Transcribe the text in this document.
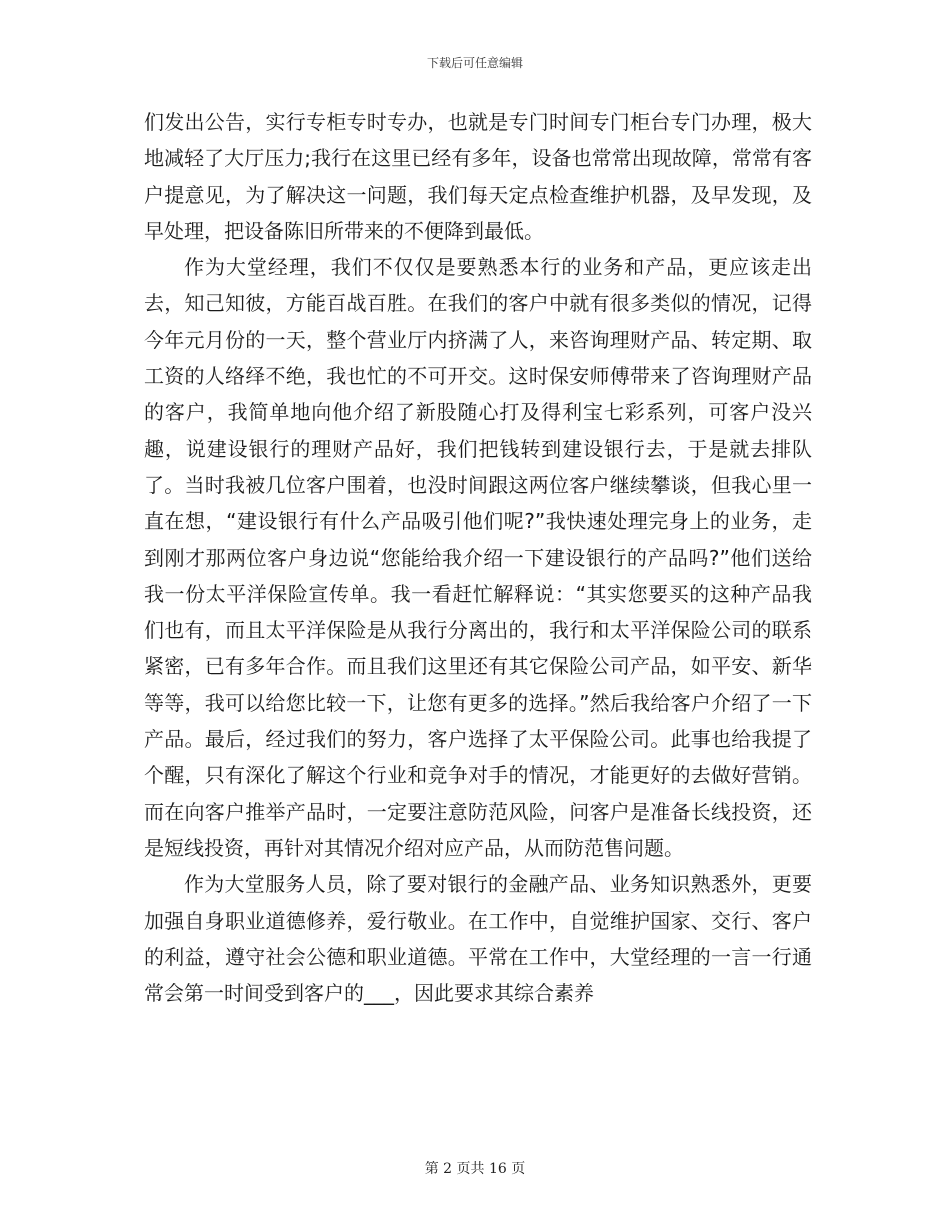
下载后可任意编辑

们发出公告，实行专柜专时专办，也就是专门时间专门柜台专门办理，极大地减轻了大厅压力;我行在这里已经有多年，设备也常常出现故障，常常有客户提意见，为了解决这一问题，我们每天定点检查维护机器，及早发现，及早处理，把设备陈旧所带来的不便降到最低。

作为大堂经理，我们不仅仅是要熟悉本行的业务和产品，更应该走出去，知己知彼，方能百战百胜。在我们的客户中就有很多类似的情况，记得今年元月份的一天，整个营业厅内挤满了人，来咨询理财产品、转定期、取工资的人络绎不绝，我也忙的不可开交。这时保安师傅带来了咨询理财产品的客户，我简单地向他介绍了新股随心打及得利宝七彩系列，可客户没兴趣，说建设银行的理财产品好，我们把钱转到建设银行去，于是就去排队了。当时我被几位客户围着，也没时间跟这两位客户继续攀谈，但我心里一直在想，“建设银行有什么产品吸引他们呢?”我快速处理完身上的业务，走到刚才那两位客户身边说“您能给我介绍一下建设银行的产品吗?”他们送给我一份太平洋保险宣传单。我一看赶忙解释说：“其实您要买的这种产品我们也有，而且太平洋保险是从我行分离出的，我行和太平洋保险公司的联系紧密，已有多年合作。而且我们这里还有其它保险公司产品，如平安、新华等等，我可以给您比较一下，让您有更多的选择。”然后我给客户介绍了一下产品。最后，经过我们的努力，客户选择了太平保险公司。此事也给我提了个醒，只有深化了解这个行业和竞争对手的情况，才能更好的去做好营销。而在向客户推举产品时，一定要注意防范风险，问客户是准备长线投资，还是短线投资，再针对其情况介绍对应产品，从而防范售问题。

作为大堂服务人员，除了要对银行的金融产品、业务知识熟悉外，更要加强自身职业道德修养，爱行敬业。在工作中，自觉维护国家、交行、客户的利益，遵守社会公德和职业道德。平常在工作中，大堂经理的一言一行通常会第一时间受到客户的___，因此要求其综合素养

第 2 页共 16 页
